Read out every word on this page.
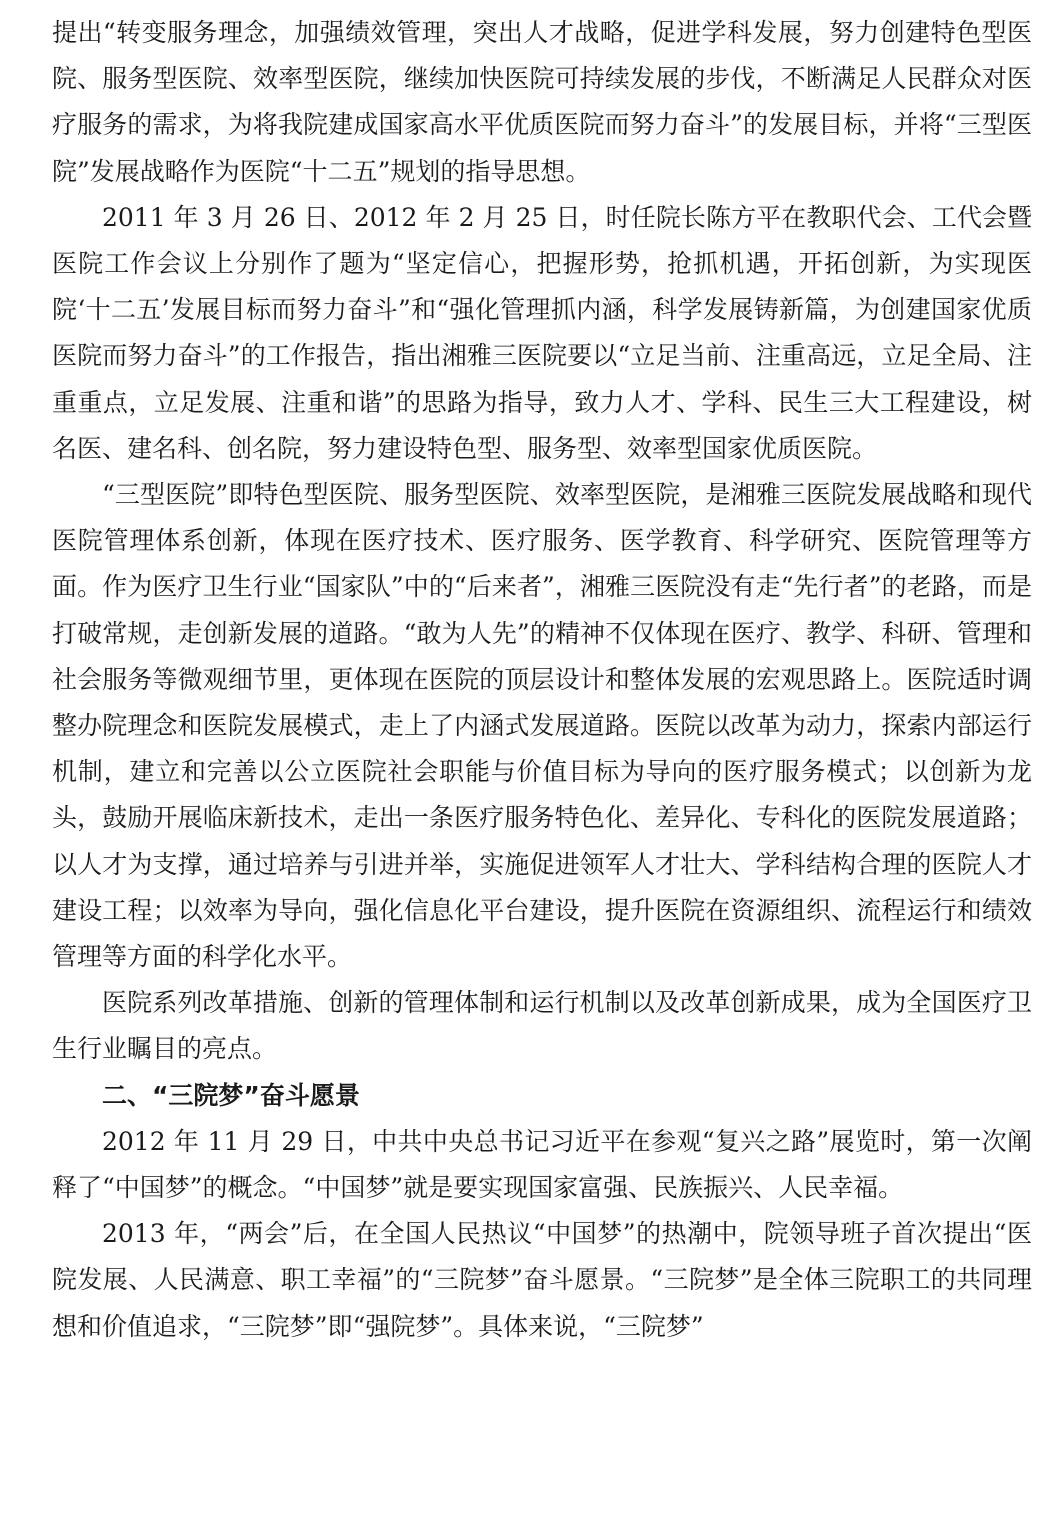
提出“转变服务理念，加强绩效管理，突出人才战略，促进学科发展，努力创建特色型医院、服务型医院、效率型医院，继续加快医院可持续发展的步伐，不断满足人民群众对医疗服务的需求，为将我院建成国家高水平优质医院而努力奋斗”的发展目标，并将“三型医院”发展战略作为医院“十二五”规划的指导思想。

2011 年 3 月 26 日、2012 年 2 月 25 日，时任院长陈方平在教职代会、工代会暨医院工作会议上分别作了题为“坚定信心，把握形势，抢抓机遇，开拓创新，为实现医院‘十二五’发展目标而努力奋斗”和“强化管理抓内涵，科学发展铸新篇，为创建国家优质医院而努力奋斗”的工作报告，指出湘雅三医院要以“立足当前、注重高远，立足全局、注重重点，立足发展、注重和谐”的思路为指导，致力人才、学科、民生三大工程建设，树名医、建名科、创名院，努力建设特色型、服务型、效率型国家优质医院。

“三型医院”即特色型医院、服务型医院、效率型医院，是湘雅三医院发展战略和现代医院管理体系创新，体现在医疗技术、医疗服务、医学教育、科学研究、医院管理等方面。作为医疗卫生行业“国家队”中的“后来者”，湘雅三医院没有走“先行者”的老路，而是打破常规，走创新发展的道路。“敢为人先”的精神不仅体现在医疗、教学、科研、管理和社会服务等微观细节里，更体现在医院的顶层设计和整体发展的宏观思路上。医院适时调整办院理念和医院发展模式，走上了内涵式发展道路。医院以改革为动力，探索内部运行机制，建立和完善以公立医院社会职能与价值目标为导向的医疗服务模式；以创新为龙头，鼓励开展临床新技术，走出一条医疗服务特色化、差异化、专科化的医院发展道路；以人才为支撑，通过培养与引进并举，实施促进领军人才壮大、学科结构合理的医院人才建设工程；以效率为导向，强化信息化平台建设，提升医院在资源组织、流程运行和绩效管理等方面的科学化水平。

医院系列改革措施、创新的管理体制和运行机制以及改革创新成果，成为全国医疗卫生行业瞩目的亮点。

二、“三院梦”奋斗愿景

2012 年 11 月 29 日，中共中央总书记习近平在参观“复兴之路”展览时，第一次阐释了“中国梦”的概念。“中国梦”就是要实现国家富强、民族振兴、人民幸福。

2013 年，“两会”后，在全国人民热议“中国梦”的热潮中，院领导班子首次提出“医院发展、人民满意、职工幸福”的“三院梦”奋斗愿景。“三院梦”是全体三院职工的共同理想和价值追求，“三院梦”即“强院梦”。具体来说，“三院梦”
